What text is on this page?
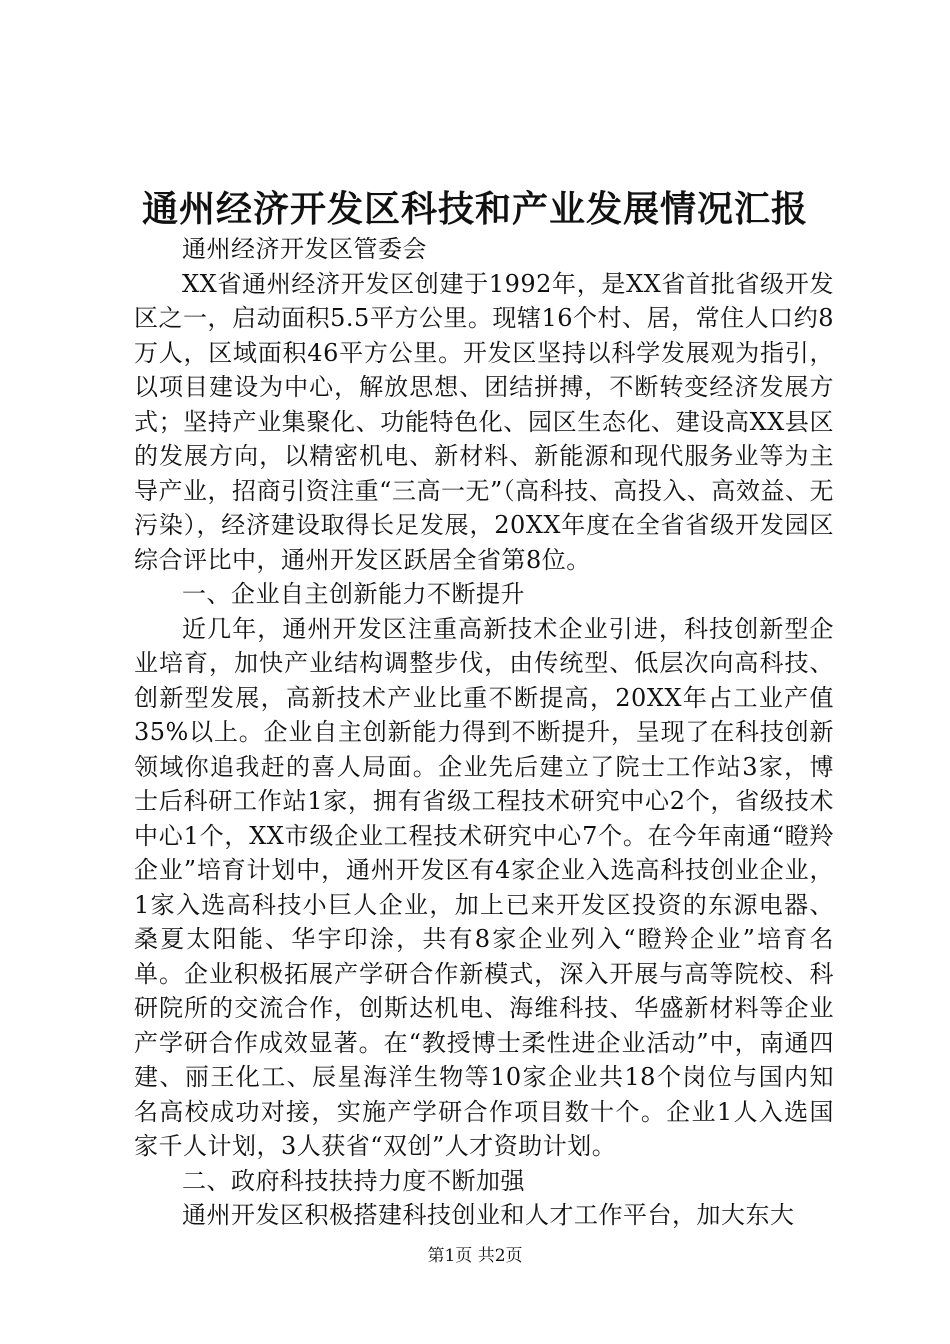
通州经济开发区科技和产业发展情况汇报

通州经济开发区管委会

XX省通州经济开发区创建于1992年，是XX省首批省级开发区之一，启动面积5.5平方公里。现辖16个村、居，常住人口约8万人，区域面积46平方公里。开发区坚持以科学发展观为指引，以项目建设为中心，解放思想、团结拼搏，不断转变经济发展方式；坚持产业集聚化、功能特色化、园区生态化、建设高XX县区的发展方向，以精密机电、新材料、新能源和现代服务业等为主导产业，招商引资注重“三高一无”（高科技、高投入、高效益、无污染），经济建设取得长足发展，20XX年度在全省省级开发园区综合评比中，通州开发区跃居全省第8位。

一、企业自主创新能力不断提升

近几年，通州开发区注重高新技术企业引进，科技创新型企业培育，加快产业结构调整步伐，由传统型、低层次向高科技、创新型发展，高新技术产业比重不断提高，20XX年占工业产值35%以上。企业自主创新能力得到不断提升，呈现了在科技创新领域你追我赶的喜人局面。企业先后建立了院士工作站3家，博士后科研工作站1家，拥有省级工程技术研究中心2个，省级技术中心1个，XX市级企业工程技术研究中心7个。在今年南通“瞪羚企业”培育计划中，通州开发区有4家企业入选高科技创业企业，1家入选高科技小巨人企业，加上已来开发区投资的东源电器、桑夏太阳能、华宇印涂，共有8家企业列入“瞪羚企业”培育名单。企业积极拓展产学研合作新模式，深入开展与高等院校、科研院所的交流合作，创斯达机电、海维科技、华盛新材料等企业产学研合作成效显著。在“教授博士柔性进企业活动”中，南通四建、丽王化工、辰星海洋生物等10家企业共18个岗位与国内知名高校成功对接，实施产学研合作项目数十个。企业1人入选国家千人计划，3人获省“双创”人才资助计划。

二、政府科技扶持力度不断加强

通州开发区积极搭建科技创业和人才工作平台，加大东大

第1页 共2页
